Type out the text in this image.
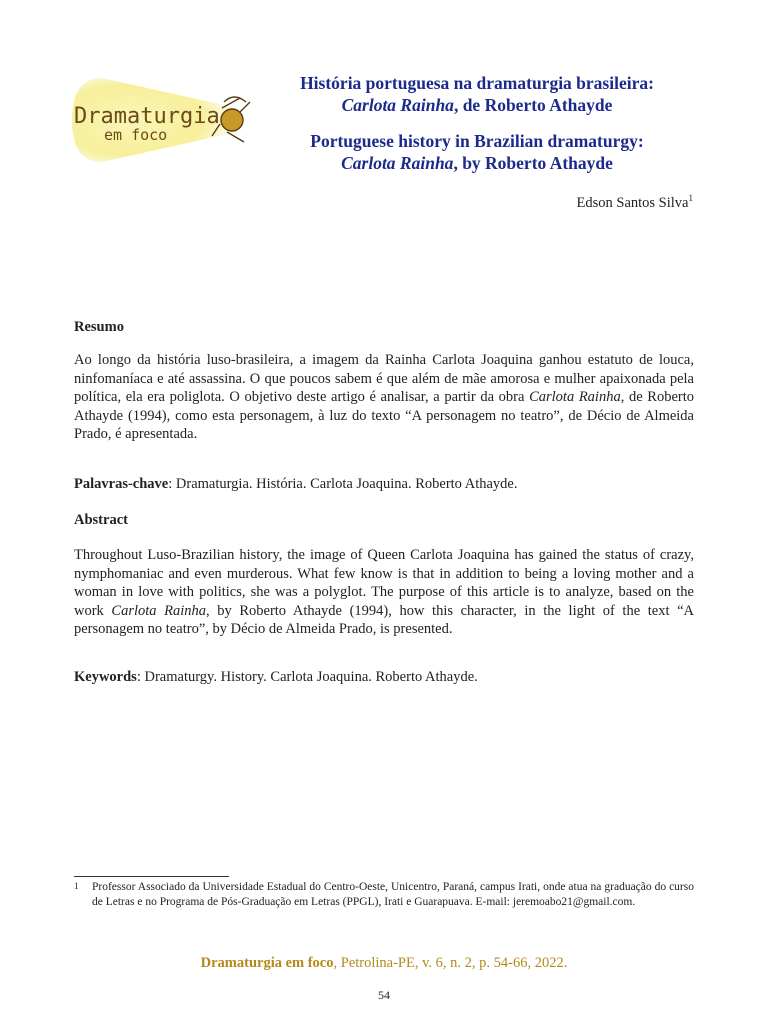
Dramaturgia
em foco
História portuguesa na dramaturgia brasileira:
Carlota Rainha, de Roberto Athayde
Portuguese history in Brazilian dramaturgy:
Carlota Rainha, by Roberto Athayde
Edson Santos Silva$^1$
Resumo
Ao longo da história luso-brasileira, a imagem da Rainha Carlota Joaquina ganhou estatuto de louca, ninfomaníaca e até assassina. O que poucos sabem é que além de mãe amorosa e mulher apaixonada pela política, ela era poliglota. O objetivo deste artigo é analisar, a partir da obra Carlota Rainha, de Roberto Athayde (1994), como esta personagem, à luz do texto “A personagem no teatro”, de Décio de Almeida Prado, é apresentada.
Palavras-chave: Dramaturgia. História. Carlota Joaquina. Roberto Athayde.
Abstract
Throughout Luso-Brazilian history, the image of Queen Carlota Joaquina has gained the status of crazy, nymphomaniac and even murderous. What few know is that in addition to being a loving mother and a woman in love with politics, she was a polyglot. The purpose of this article is to analyze, based on the work Carlota Rainha, by Roberto Athayde (1994), how this character, in the light of the text “A personagem no teatro”, by Décio de Almeida Prado, is presented.
Keywords: Dramaturgy. History. Carlota Joaquina. Roberto Athayde.
1	Professor Associado da Universidade Estadual do Centro-Oeste, Unicentro, Paraná, campus Irati, onde atua na graduação do curso de Letras e no Programa de Pós-Graduação em Letras (PPGL), Irati e Guarapuava. E-mail: jeremoabo21@gmail.com.
Dramaturgia em foco, Petrolina-PE, v. 6, n. 2, p. 54-66, 2022.
54
